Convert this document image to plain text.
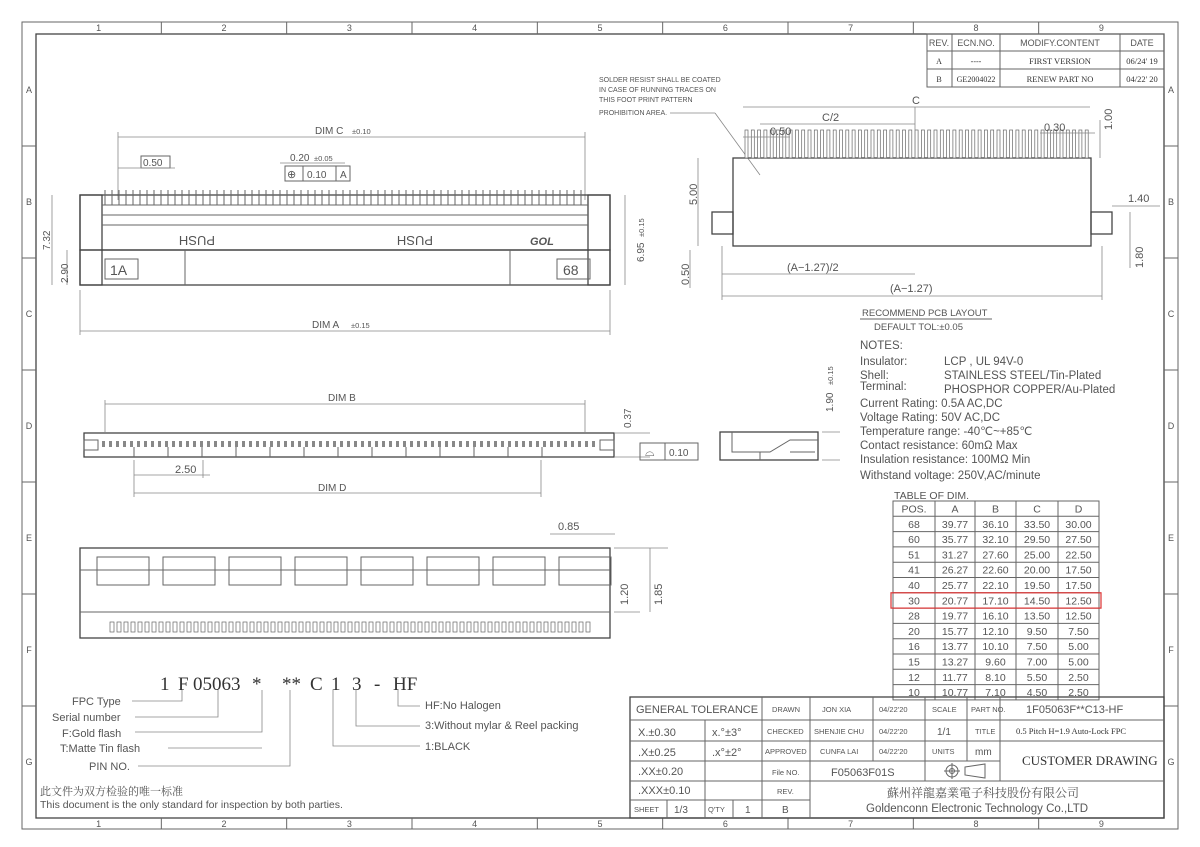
1
1
2
2
3
3
4
4
5
5
6
6
7
7
8
8
9
9
A	A
B	B
C	C
D	D
E	E
F	F
G	G
REV. ECN.NO.	MODIFY.CONTENT	DATE
A	----	FIRST VERSION	06/24' 19
B GE2004022	RENEW PART NO	04/22' 20
DIM C ±0.10
0.50	0.20 ±0.05
⊕ 0.10 A
PUSH	PUSH	GOL
1A	68
DIM A ±0.15
7.32
2.90
6.95
±0.15
SOLDER RESIST SHALL BE COATED
IN CASE OF RUNNING TRACES ON
THIS FOOT PRINT PATTERN
PROHIBITION AREA.
C
C/2
0.50	0.30	1.00
5.00	1.40
1.80
0.50	(A−1.27)/2
(A−1.27)
RECOMMEND PCB LAYOUT
DEFAULT TOL:±0.05
NOTES:
Insulator:	LCP , UL 94V-0
Shell:	STAINLESS STEEL/Tin-Plated
Terminal:	PHOSPHOR COPPER/Au-Plated
Current Rating: 0.5A AC,DC
Voltage Rating: 50V AC,DC
Temperature range: -40℃~+85℃
Contact resistance: 60mΩ Max
Insulation resistance: 100MΩ Min
Withstand voltage: 250V,AC/minute
DIM B
2.50
DIM D
0.37
⌓ 0.10
1.90
±0.15
0.85
1.20 1.85
TABLE OF DIM.
POS. A	B	C	D
68 39.77 36.10 33.50 30.00
60 35.77 32.10 29.50 27.50
51 31.27 27.60 25.00 22.50
41 26.27 22.60 20.00 17.50
40 25.77 22.10 19.50 17.50
30 20.77 17.10 14.50 12.50
28 19.77 16.10 13.50 12.50
20 15.77 12.10 9.50 7.50
16 13.77 10.10 7.50 5.00
15 13.27 9.60 7.00 5.00
12 11.77 8.10 5.50 2.50
10 10.77 7.10 4.50 2.50
1 F 05063 * ** C 1 3 - HF
FPC Type
Serial number
F:Gold flash
T:Matte Tin flash
PIN NO.
HF:No Halogen
3:Without mylar & Reel packing
1:BLACK
此文件为双方检验的唯一标准
This document is the only standard for inspection by both parties.
GENERAL TOLERANCE
X.±0.30	x.°±3°
.X±0.25	.x°±2°
.XX±0.20
.XXX±0.10
DRAWN	JON XIA	04/22'20
CHECKED SHENJIE CHU 04/22'20
APPROVED CUNFA LAI	04/22'20
SCALE
1/1
UNITS mm
PART NO. 1F05063F**C13-HF
TITLE 0.5 Pitch H=1.9 Auto-Lock FPC
CUSTOMER DRAWING
File NO.	F05063F01S
REV.
SHEET 1/3	Q'TY 1	B
蘇州祥龍嘉業電子科技股份有限公司
Goldenconn Electronic Technology Co.,LTD
